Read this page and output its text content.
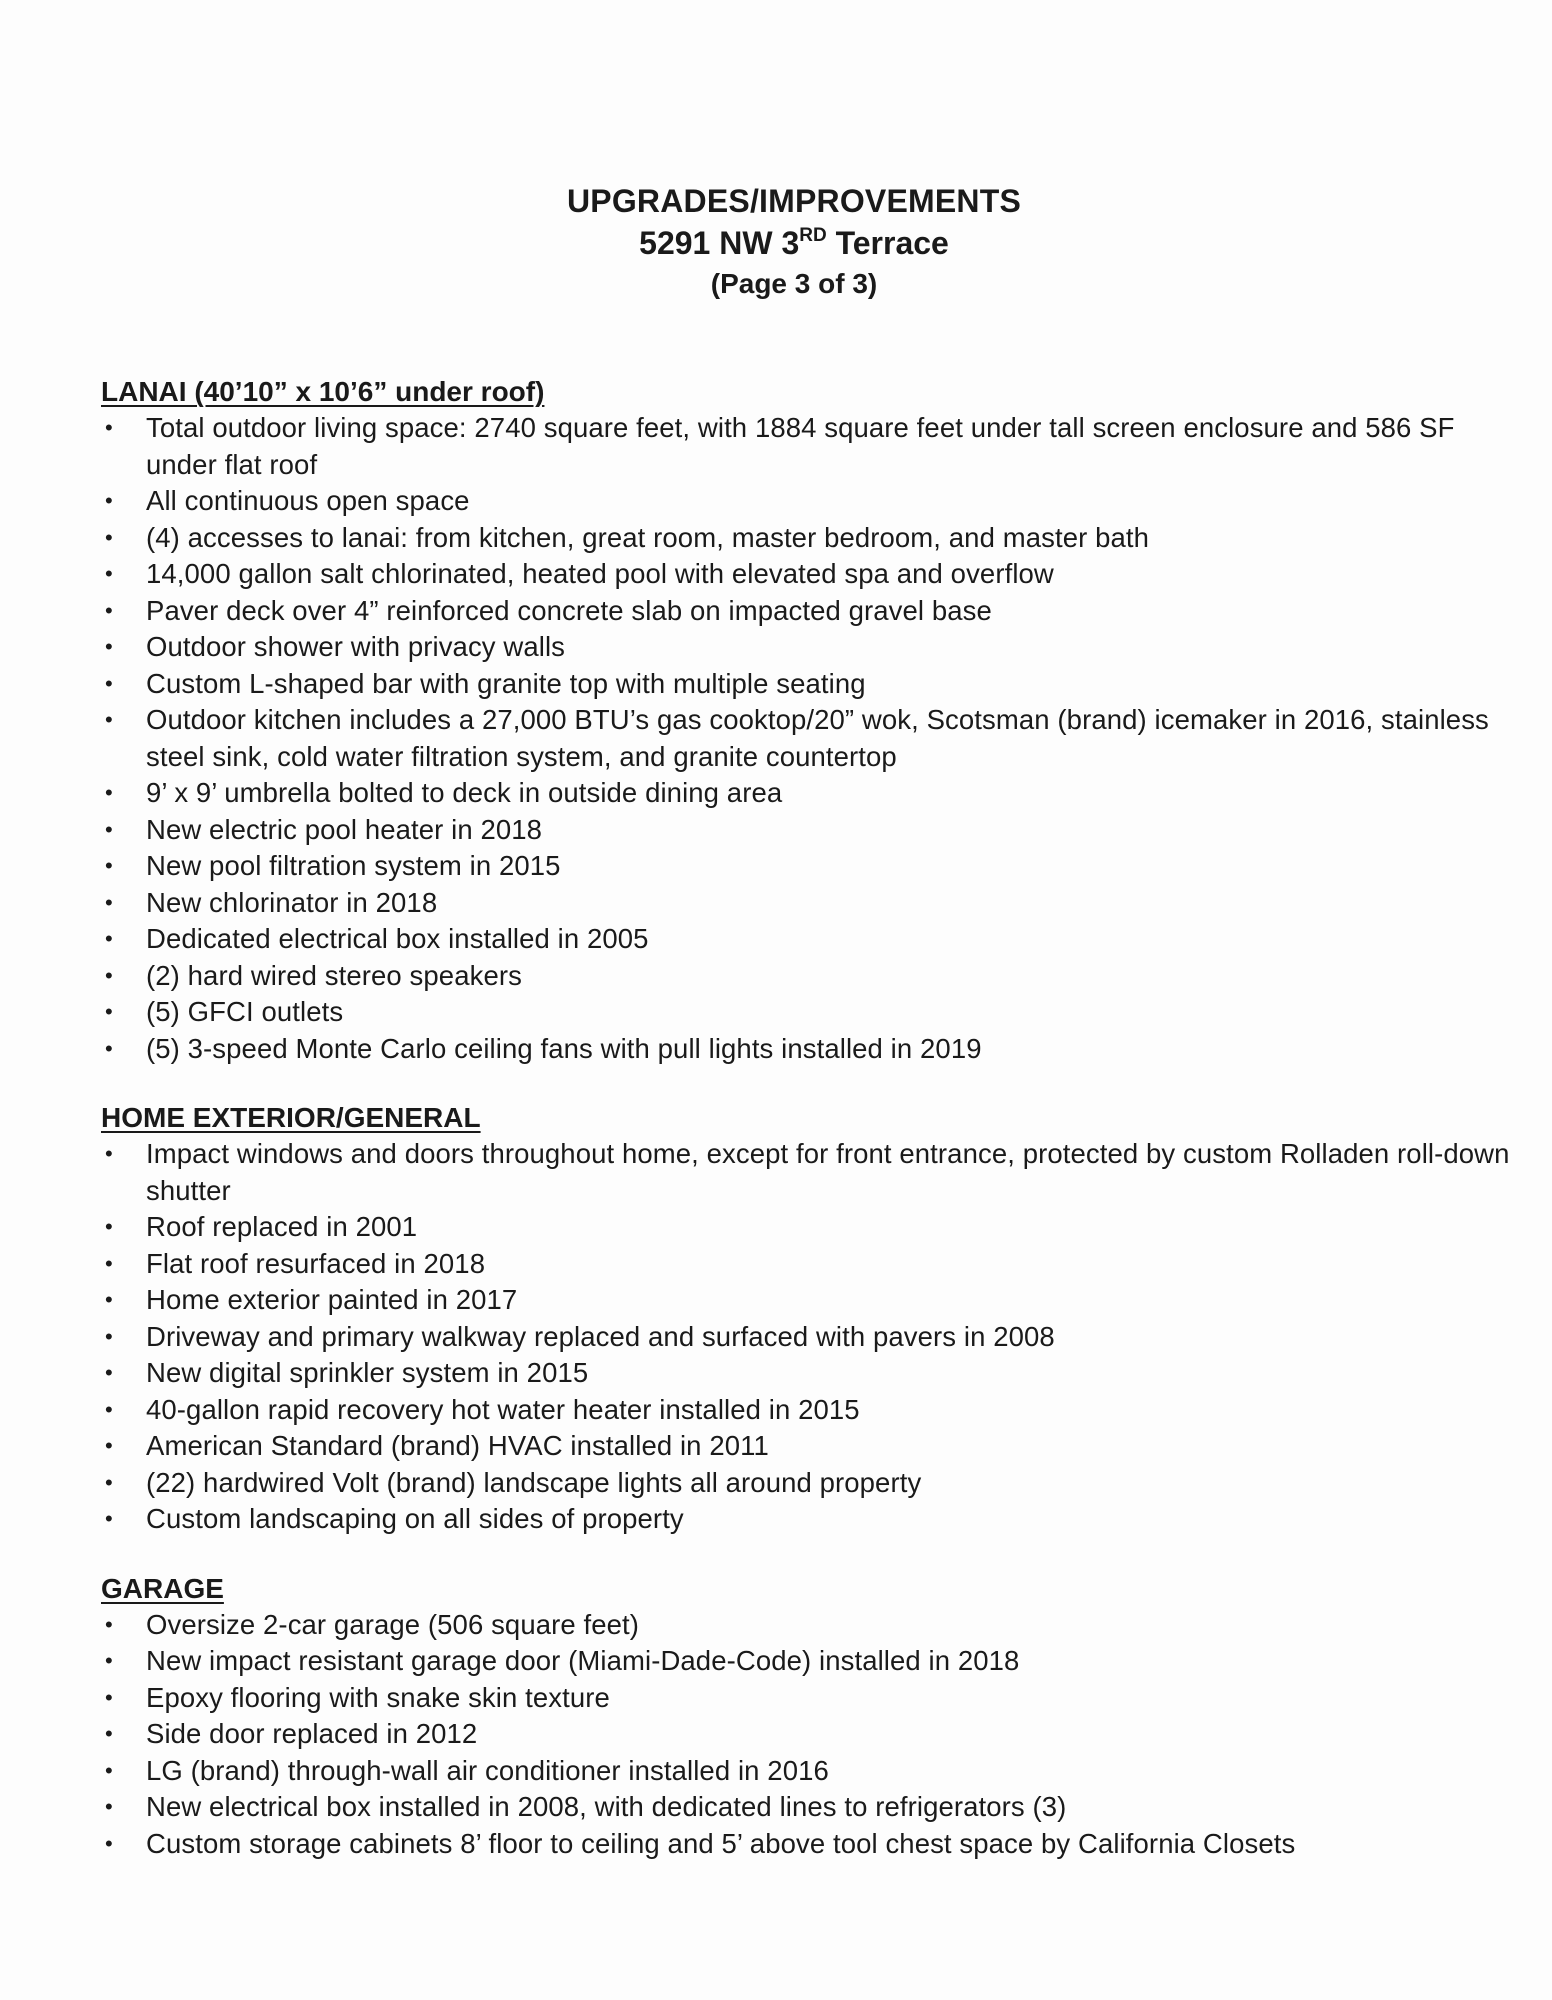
UPGRADES/IMPROVEMENTS
5291 NW 3RD Terrace
(Page 3 of 3)
LANAI (40’10” x 10’6” under roof)
• Total outdoor living space: 2740 square feet, with 1884 square feet under tall screen enclosure and 586 SF under flat roof
• All continuous open space
• (4) accesses to lanai: from kitchen, great room, master bedroom, and master bath
• 14,000 gallon salt chlorinated, heated pool with elevated spa and overflow
• Paver deck over 4” reinforced concrete slab on impacted gravel base
• Outdoor shower with privacy walls
• Custom L-shaped bar with granite top with multiple seating
• Outdoor kitchen includes a 27,000 BTU’s gas cooktop/20” wok, Scotsman (brand) icemaker in 2016, stainless steel sink, cold water filtration system, and granite countertop
• 9’ x 9’ umbrella bolted to deck in outside dining area
• New electric pool heater in 2018
• New pool filtration system in 2015
• New chlorinator in 2018
• Dedicated electrical box installed in 2005
• (2) hard wired stereo speakers
• (5) GFCI outlets
• (5) 3-speed Monte Carlo ceiling fans with pull lights installed in 2019
HOME EXTERIOR/GENERAL
• Impact windows and doors throughout home, except for front entrance, protected by custom Rolladen roll-down shutter
• Roof replaced in 2001
• Flat roof resurfaced in 2018
• Home exterior painted in 2017
• Driveway and primary walkway replaced and surfaced with pavers in 2008
• New digital sprinkler system in 2015
• 40-gallon rapid recovery hot water heater installed in 2015
• American Standard (brand) HVAC installed in 2011
• (22) hardwired Volt (brand) landscape lights all around property
• Custom landscaping on all sides of property
GARAGE
• Oversize 2-car garage (506 square feet)
• New impact resistant garage door (Miami-Dade-Code) installed in 2018
• Epoxy flooring with snake skin texture
• Side door replaced in 2012
• LG (brand) through-wall air conditioner installed in 2016
• New electrical box installed in 2008, with dedicated lines to refrigerators (3)
• Custom storage cabinets 8’ floor to ceiling and 5’ above tool chest space by California Closets
